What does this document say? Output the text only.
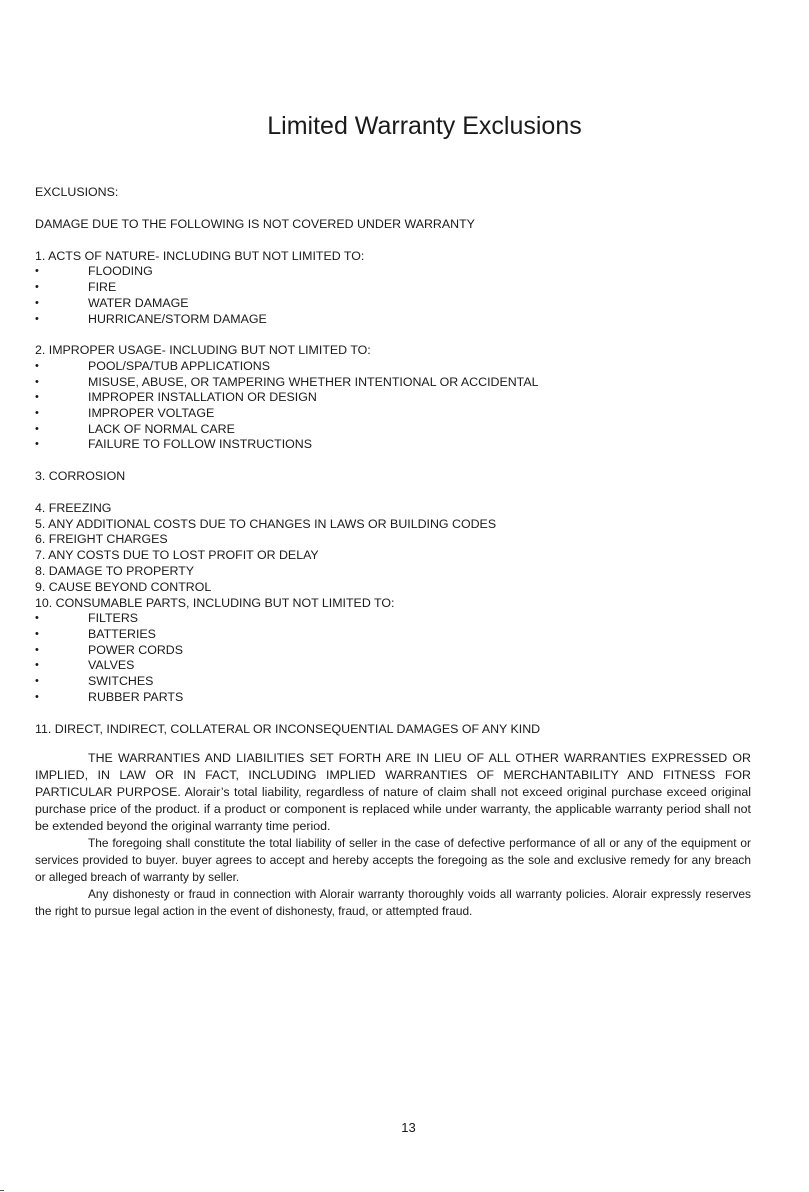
Limited Warranty Exclusions
EXCLUSIONS:
DAMAGE DUE TO THE FOLLOWING IS NOT COVERED UNDER WARRANTY
1. ACTS OF NATURE- INCLUDING BUT NOT LIMITED TO:
•	FLOODING
•	FIRE
•	WATER DAMAGE
•	HURRICANE/STORM DAMAGE
2. IMPROPER USAGE- INCLUDING BUT NOT LIMITED TO:
•	POOL/SPA/TUB APPLICATIONS
•	MISUSE, ABUSE, OR TAMPERING WHETHER INTENTIONAL OR ACCIDENTAL
•	IMPROPER INSTALLATION OR DESIGN
•	IMPROPER VOLTAGE
•	LACK OF NORMAL CARE
•	FAILURE TO FOLLOW INSTRUCTIONS
3. CORROSION
4. FREEZING
5. ANY ADDITIONAL COSTS DUE TO CHANGES IN LAWS OR BUILDING CODES
6. FREIGHT CHARGES
7. ANY COSTS DUE TO LOST PROFIT OR DELAY
8. DAMAGE TO PROPERTY
9. CAUSE BEYOND CONTROL
10. CONSUMABLE PARTS, INCLUDING BUT NOT LIMITED TO:
•	FILTERS
•	BATTERIES
•	POWER CORDS
•	VALVES
•	SWITCHES
•	RUBBER PARTS
11. DIRECT, INDIRECT, COLLATERAL OR INCONSEQUENTIAL DAMAGES OF ANY KIND

THE WARRANTIES AND LIABILITIES SET FORTH ARE IN LIEU OF ALL OTHER WARRANTIES EXPRESSED OR IMPLIED, IN LAW OR IN FACT, INCLUDING IMPLIED WARRANTIES OF MERCHANTABILITY AND FITNESS FOR PARTICULAR PURPOSE. Alorair’s total liability, regardless of nature of claim shall not exceed original purchase exceed original purchase price of the product. if a product or component is replaced while under warranty, the applicable warranty period shall not be extended beyond the original warranty time period.

The foregoing shall constitute the total liability of seller in the case of defective performance of all or any of the equipment or services provided to buyer. buyer agrees to accept and hereby accepts the foregoing as the sole and exclusive remedy for any breach or alleged breach of warranty by seller.

Any dishonesty or fraud in connection with Alorair warranty thoroughly voids all warranty policies. Alorair expressly reserves the right to pursue legal action in the event of dishonesty, fraud, or attempted fraud.

13
